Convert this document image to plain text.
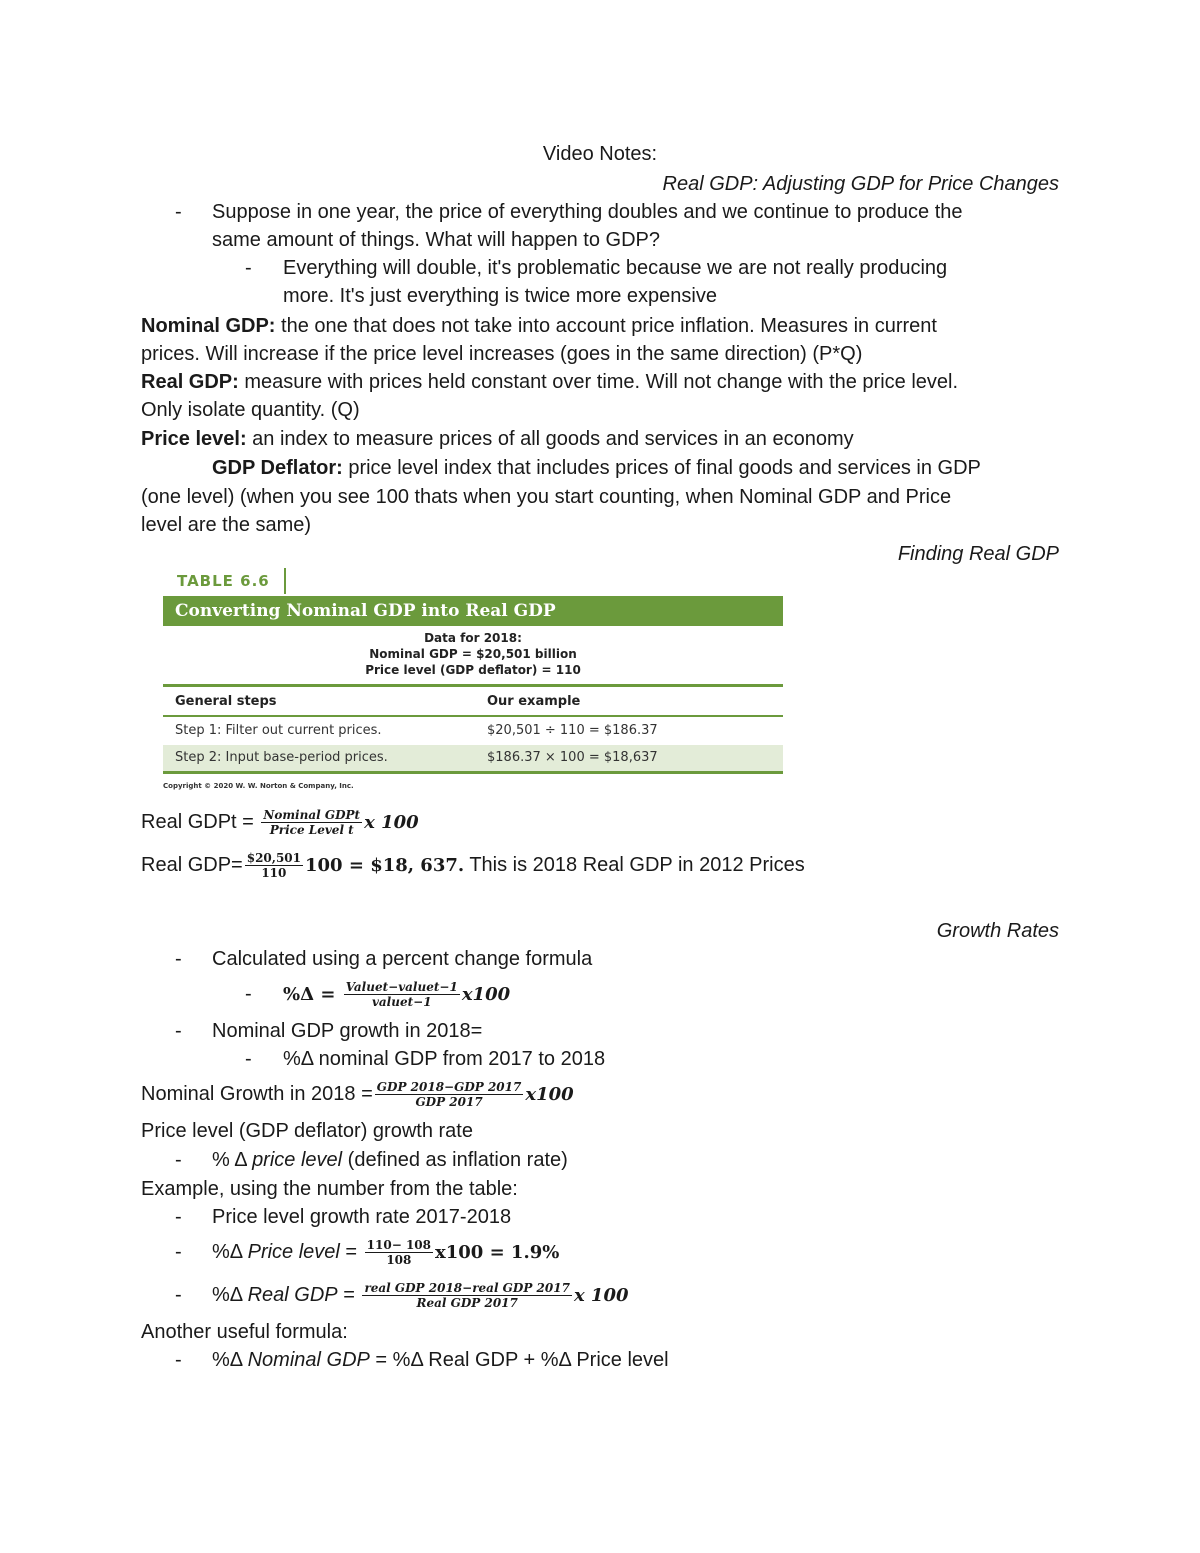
Video Notes:
Real GDP: Adjusting GDP for Price Changes
- Suppose in one year, the price of everything doubles and we continue to produce the
same amount of things. What will happen to GDP?
- Everything will double, it's problematic because we are not really producing
more. It's just everything is twice more expensive
Nominal GDP: the one that does not take into account price inflation. Measures in current
prices. Will increase if the price level increases (goes in the same direction) (P*Q)
Real GDP: measure with prices held constant over time. Will not change with the price level.
Only isolate quantity. (Q)
Price level: an index to measure prices of all goods and services in an economy
GDP Deflator: price level index that includes prices of final goods and services in GDP
(one level) (when you see 100 thats when you start counting, when Nominal GDP and Price
level are the same)
Finding Real GDP
TABLE 6.6
Converting Nominal GDP into Real GDP
Data for 2018:
Nominal GDP = $20,501 billion
Price level (GDP deflator) = 110
General steps	Our example
Step 1: Filter out current prices.	$20,501 ÷ 110 = $186.37
Step 2: Input base-period prices.	$186.37 × 100 = $18,637
Copyright © 2020 W. W. Norton & Company, Inc.
Real GDPt = $\frac{\text{Nominal GDPt}}{\text{Price Level t}}$ x 100
Real $GDP= \frac{\$20,501}{110} 100$ = $18, 637. This is 2018 Real GDP in 2012 Prices
Growth Rates
- Calculated using a percent change formula
- $\%\Delta = \frac{\text{Valuet−valuet−1}}{\text{valuet−1}} x100$
- Nominal GDP growth in 2018=
- %Δ nominal GDP from 2017 to 2018
Nominal Growth in $2018 = \frac{\text{GDP 2018−GDP 2017}}{\text{GDP 2017}} x100$
Price level (GDP deflator) growth rate
- % Δ price level (defined as inflation rate)
Example, using the number from the table:
- Price level growth rate 2017-2018
- %Δ Price level = $\frac{110- 108}{108} x100 = 1.9\%$
- %Δ Real GDP = $\frac{\text{real GDP 2018−real GDP 2017}}{\text{Real GDP 2017}}$ x 100
Another useful formula:
- %Δ Nominal GDP = %Δ Real GDP + %Δ Price level
